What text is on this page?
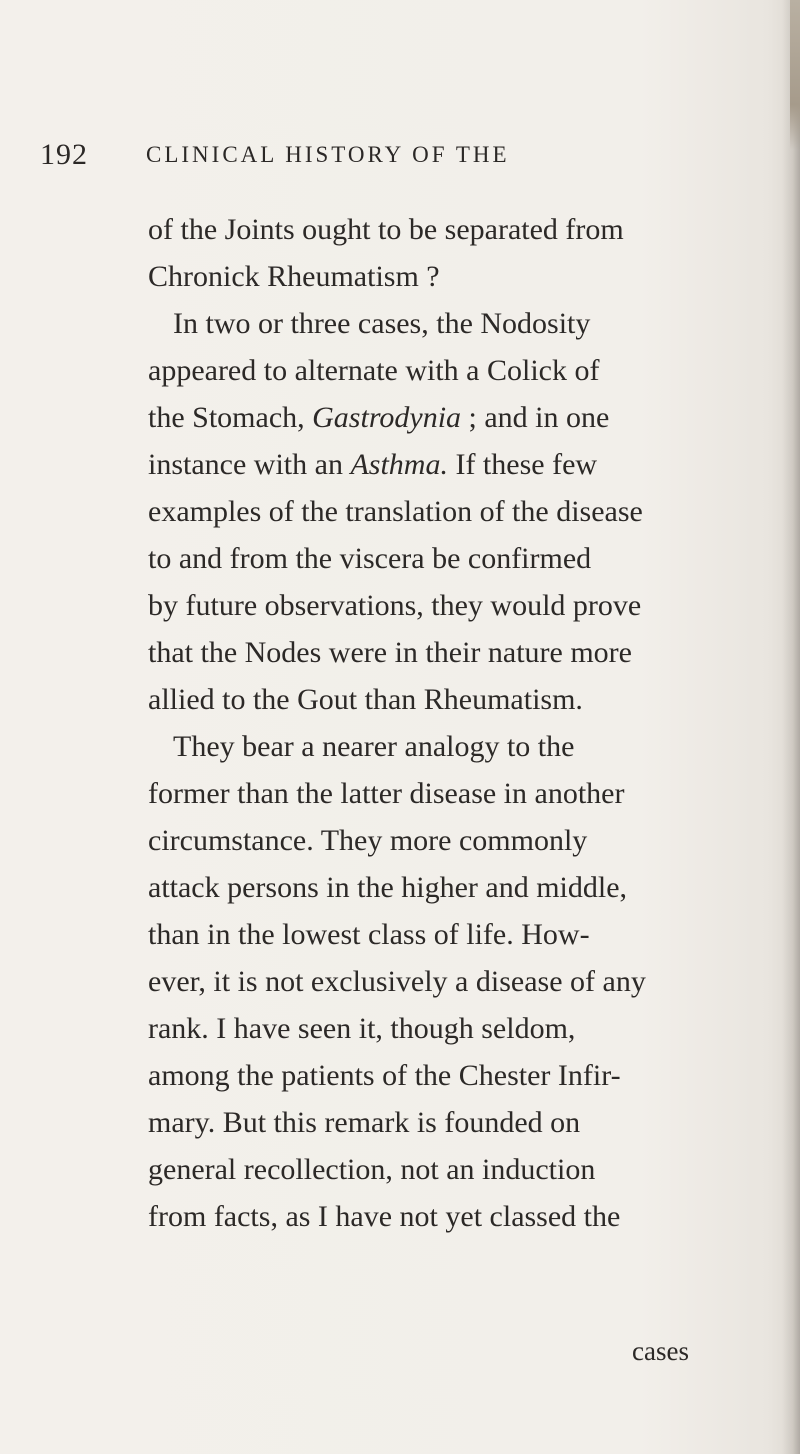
192	CLINICAL HISTORY OF THE
of the Joints ought to be separated from
Chronick Rheumatism ?
In two or three cases, the Nodosity
appeared to alternate with a Colick of
the Stomach, Gastrodynia ; and in one
instance with an Asthma. If these few
examples of the translation of the disease
to and from the viscera be confirmed
by future observations, they would prove
that the Nodes were in their nature more
allied to the Gout than Rheumatism.
They bear a nearer analogy to the
former than the latter disease in another
circumstance. They more commonly
attack persons in the higher and middle,
than in the lowest class of life. How-
ever, it is not exclusively a disease of any
rank. I have seen it, though seldom,
among the patients of the Chester Infir-
mary. But this remark is founded on
general recollection, not an induction
from facts, as I have not yet classed the
cases
